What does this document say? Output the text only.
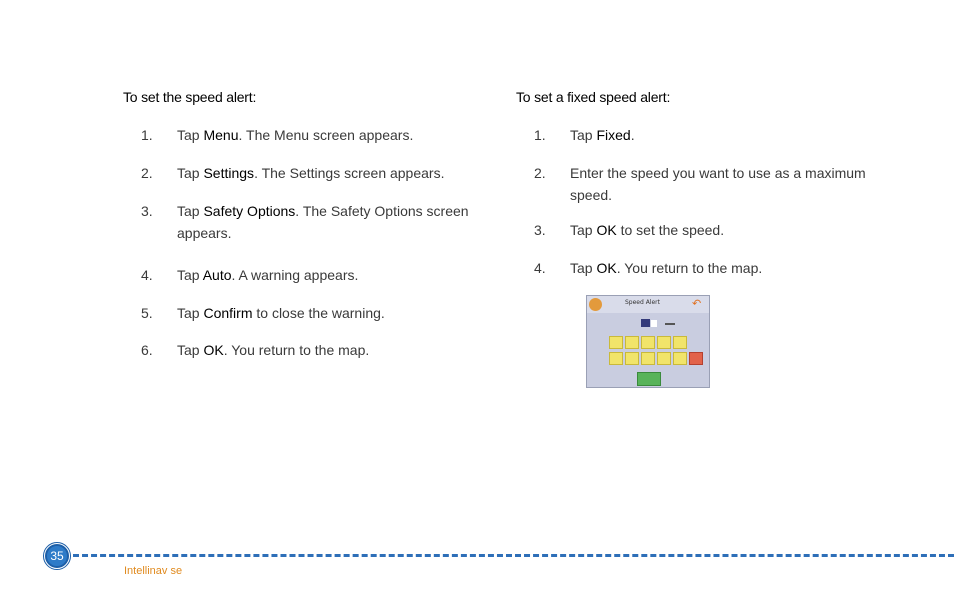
To set the speed alert:
1. Tap Menu. The Menu screen appears.
2. Tap Settings. The Settings screen appears.
3. Tap Safety Options. The Safety Options screen appears.
4. Tap Auto. A warning appears.
5. Tap Confirm to close the warning.
6. Tap OK. You return to the map.
To set a fixed speed alert:
1. Tap Fixed.
2. Enter the speed you want to use as a maximum speed.
3. Tap OK to set the speed.
4. Tap OK. You return to the map.
Speed Alert	↶
35
Intellinav se
